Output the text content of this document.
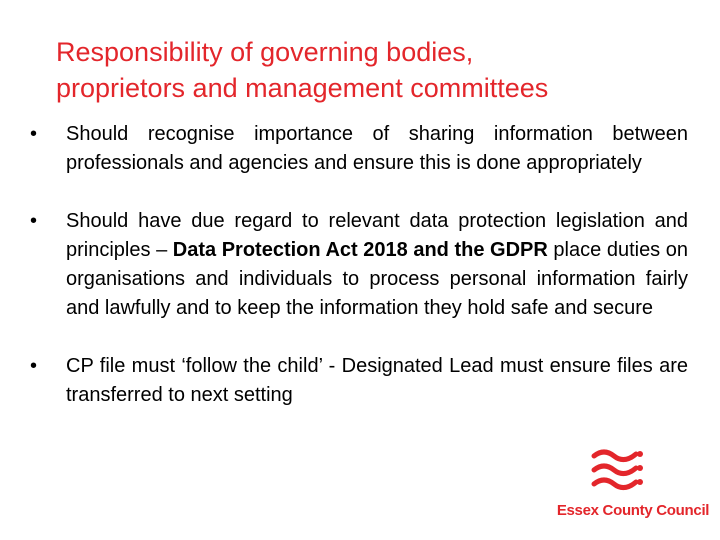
Responsibility of governing bodies,
proprietors and management committees
• Should recognise importance of sharing information between professionals and agencies and ensure this is done appropriately
• Should have due regard to relevant data protection legislation and principles – Data Protection Act 2018 and the GDPR place duties on organisations and individuals to process personal information fairly and lawfully and to keep the information they hold safe and secure
• CP file must ‘follow the child’ - Designated Lead must ensure files are transferred to next setting
Essex County Council
